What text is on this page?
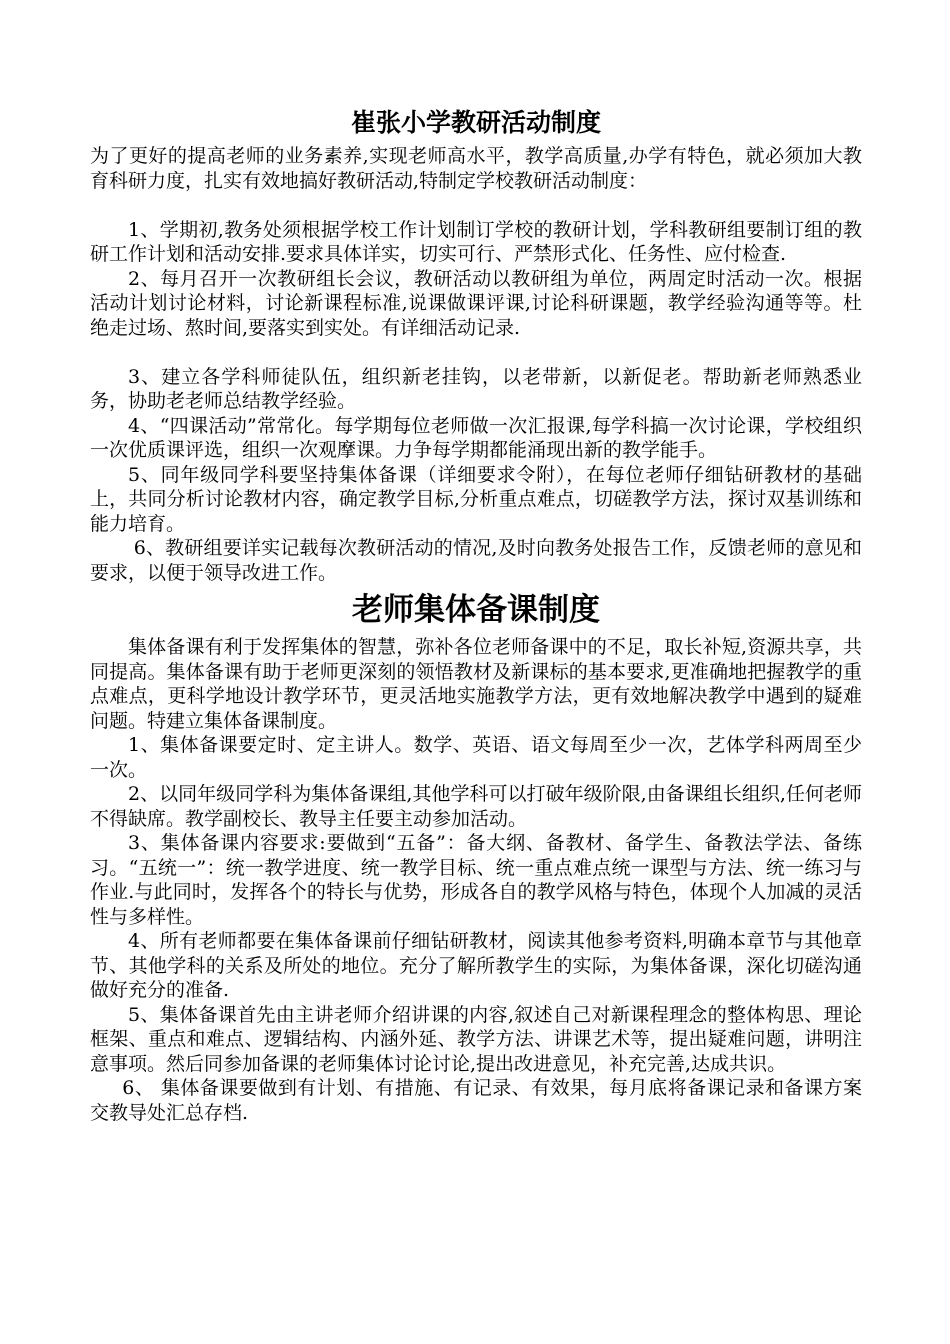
崔张小学教研活动制度

为了更好的提高老师的业务素养,实现老师高水平，教学高质量,办学有特色，就必须加大教育科研力度，扎实有效地搞好教研活动,特制定学校教研活动制度：

1、学期初,教务处须根据学校工作计划制订学校的教研计划，学科教研组要制订组的教研工作计划和活动安排.要求具体详实，切实可行、严禁形式化、任务性、应付检查.

2、每月召开一次教研组长会议，教研活动以教研组为单位，两周定时活动一次。根据活动计划讨论材料，讨论新课程标准,说课做课评课,讨论科研课题，教学经验沟通等等。杜绝走过场、熬时间,要落实到实处。有详细活动记录.

3、建立各学科师徒队伍，组织新老挂钩，以老带新，以新促老。帮助新老师熟悉业务，协助老老师总结教学经验。

4、“四课活动”常常化。每学期每位老师做一次汇报课,每学科搞一次讨论课，学校组织一次优质课评选，组织一次观摩课。力争每学期都能涌现出新的教学能手。

5、同年级同学科要坚持集体备课（详细要求令附），在每位老师仔细钻研教材的基础上，共同分析讨论教材内容，确定教学目标,分析重点难点，切磋教学方法，探讨双基训练和能力培育。

6、教研组要详实记载每次教研活动的情况,及时向教务处报告工作，反馈老师的意见和要求，以便于领导改进工作。

老师集体备课制度

集体备课有利于发挥集体的智慧，弥补各位老师备课中的不足，取长补短,资源共享，共同提高。集体备课有助于老师更深刻的领悟教材及新课标的基本要求,更准确地把握教学的重点难点，更科学地设计教学环节，更灵活地实施教学方法，更有效地解决教学中遇到的疑难问题。特建立集体备课制度。

1、集体备课要定时、定主讲人。数学、英语、语文每周至少一次，艺体学科两周至少一次。

2、以同年级同学科为集体备课组,其他学科可以打破年级阶限,由备课组长组织,任何老师不得缺席。教学副校长、教导主任要主动参加活动。

3、集体备课内容要求:要做到“五备”：备大纲、备教材、备学生、备教法学法、备练习。“五统一”：统一教学进度、统一教学目标、统一重点难点统一课型与方法、统一练习与作业.与此同时，发挥各个的特长与优势，形成各自的教学风格与特色，体现个人加减的灵活性与多样性。

4、所有老师都要在集体备课前仔细钻研教材，阅读其他参考资料,明确本章节与其他章节、其他学科的关系及所处的地位。充分了解所教学生的实际，为集体备课，深化切磋沟通做好充分的准备.

5、集体备课首先由主讲老师介绍讲课的内容,叙述自己对新课程理念的整体构思、理论框架、重点和难点、逻辑结构、内涵外延、教学方法、讲课艺术等，提出疑难问题，讲明注意事项。然后同参加备课的老师集体讨论讨论,提出改进意见，补充完善,达成共识。

6、 集体备课要做到有计划、有措施、有记录、有效果，每月底将备课记录和备课方案交教导处汇总存档.
